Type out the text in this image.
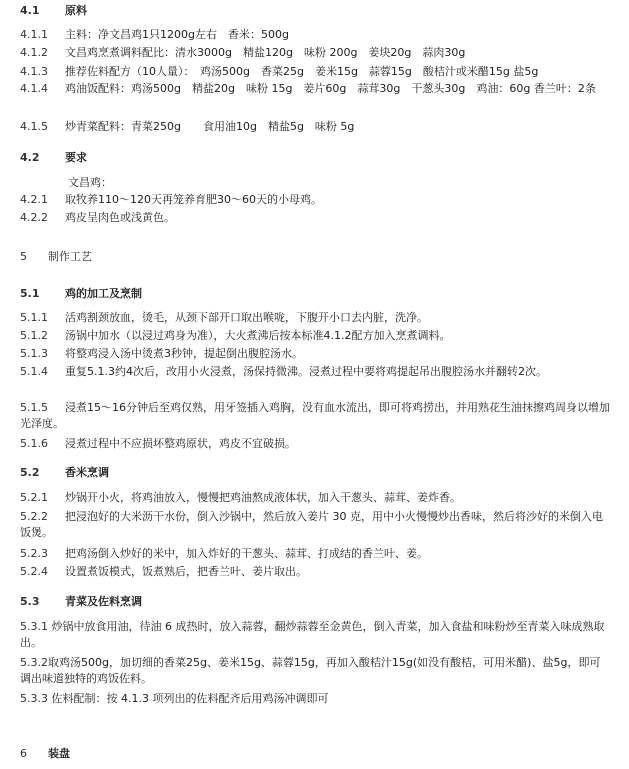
4.1 原料
4.1.1 主料：净文昌鸡1只1200g左右　香米：500g
4.1.2 文昌鸡烹煮调料配比：清水3000g　精盐120g　味粉 200g　姜块20g　蒜肉30g
4.1.3 推荐佐料配方（10人量）：　鸡汤500g　香菜25g　姜米15g　蒜蓉15g　酸桔汁或米醋15g 盐5g
4.1.4 鸡油饭配料：鸡汤500g　精盐20g　味粉 15g　姜片60g　蒜茸30g　干葱头30g　鸡油：60g 香兰叶：2条
4.1.5 炒青菜配料：青菜250g　　食用油10g　精盐5g　味粉 5g
4.2 要求
文昌鸡：
4.2.1 取牧养110～120天再笼养育肥30～60天的小母鸡。
4.2.2 鸡皮呈肉色或浅黄色。
5 制作工艺
5.1 鸡的加工及烹制
5.1.1 活鸡割颈放血，烫毛，从颈下部开口取出喉咙，下腹开小口去内脏，洗净。
5.1.2 汤锅中加水（以浸过鸡身为准），大火煮沸后按本标准4.1.2配方加入烹煮调料。
5.1.3 将整鸡浸入汤中烫煮3秒钟，提起倒出腹腔汤水。
5.1.4 重复5.1.3约4次后，改用小火浸煮，汤保持微沸。浸煮过程中要将鸡提起吊出腹腔汤水并翻转2次。
5.1.5 浸煮15～16分钟后至鸡仅熟，用牙签插入鸡胸，没有血水流出，即可将鸡捞出，并用熟花生油抹擦鸡周身以增加光泽度。
5.1.6 浸煮过程中不应损坏整鸡原状，鸡皮不宜破损。
5.2 香米烹调
5.2.1 炒锅开小火，将鸡油放入，慢慢把鸡油熬成液体状，加入干葱头、蒜茸、姜炸香。
5.2.2 把浸泡好的大米沥干水份，倒入沙锅中，然后放入姜片 30 克，用中小火慢慢炒出香味，然后将沙好的米倒入电饭煲。
5.2.3 把鸡汤倒入炒好的米中，加入炸好的干葱头、蒜茸、打成结的香兰叶、姜。
5.2.4 设置煮饭模式，饭煮熟后，把香兰叶、姜片取出。
5.3 青菜及佐料烹调
5.3.1 炒锅中放食用油，待油 6 成热时，放入蒜蓉，翻炒蒜蓉至金黄色，倒入青菜，加入食盐和味粉炒至青菜入味成熟取出。
5.3.2取鸡汤500g，加切细的香菜25g、姜米15g、蒜蓉15g，再加入酸桔汁15g(如没有酸桔，可用米醋)、盐5g，即可调出味道独特的鸡饭佐料。
5.3.3 佐料配制：按 4.1.3 项列出的佐料配齐后用鸡汤冲调即可
6 装盘
